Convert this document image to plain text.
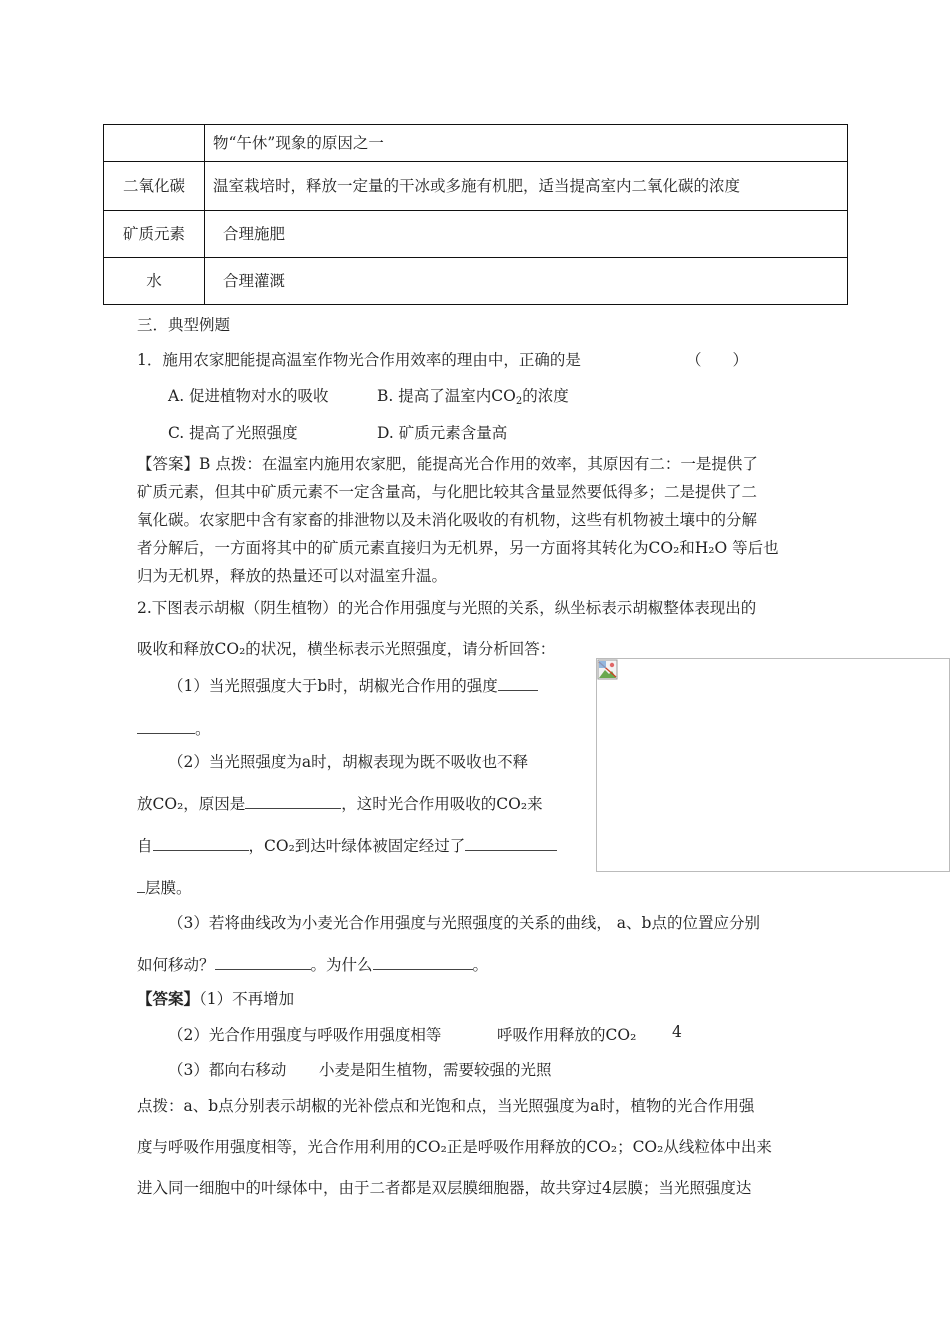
	物“午休”现象的原因之一
二氧化碳	温室栽培时，释放一定量的干冰或多施有机肥，适当提高室内二氧化碳的浓度
矿质元素	合理施肥
水	合理灌溉
三．典型例题
1．施用农家肥能提高温室作物光合作用效率的理由中，正确的是	（　　）
A. 促进植物对水的吸收	B. 提高了温室内$CO_2$的浓度
C. 提高了光照强度	D. 矿质元素含量高
【答案】B 点拨：在温室内施用农家肥，能提高光合作用的效率，其原因有二：一是提供了
矿质元素，但其中矿质元素不一定含量高，与化肥比较其含量显然要低得多；二是提供了二
氧化碳。农家肥中含有家畜的排泄物以及未消化吸收的有机物，这些有机物被土壤中的分解
者分解后，一方面将其中的矿质元素直接归为无机界，另一方面将其转化为CO₂和H₂O 等后也
归为无机界，释放的热量还可以对温室升温。
2.下图表示胡椒（阴生植物）的光合作用强度与光照的关系，纵坐标表示胡椒整体表现出的
吸收和释放CO₂的状况，横坐标表示光照强度，请分析回答：
（1）当光照强度大于b时，胡椒光合作用的强度
。
（2）当光照强度为a时，胡椒表现为既不吸收也不释
放CO₂，原因是	，这时光合作用吸收的CO₂来
自	，CO₂到达叶绿体被固定经过了
层膜。
（3）若将曲线改为小麦光合作用强度与光照强度的关系的曲线， a、b点的位置应分别
如何移动？	。为什么	。
【答案】（1）不再增加
（2）光合作用强度与呼吸作用强度相等	呼吸作用释放的CO₂ 4
（3）都向右移动 小麦是阳生植物，需要较强的光照
点拨：a、b点分别表示胡椒的光补偿点和光饱和点，当光照强度为a时，植物的光合作用强
度与呼吸作用强度相等，光合作用利用的CO₂正是呼吸作用释放的CO₂；CO₂从线粒体中出来
进入同一细胞中的叶绿体中，由于二者都是双层膜细胞器，故共穿过4层膜；当光照强度达
